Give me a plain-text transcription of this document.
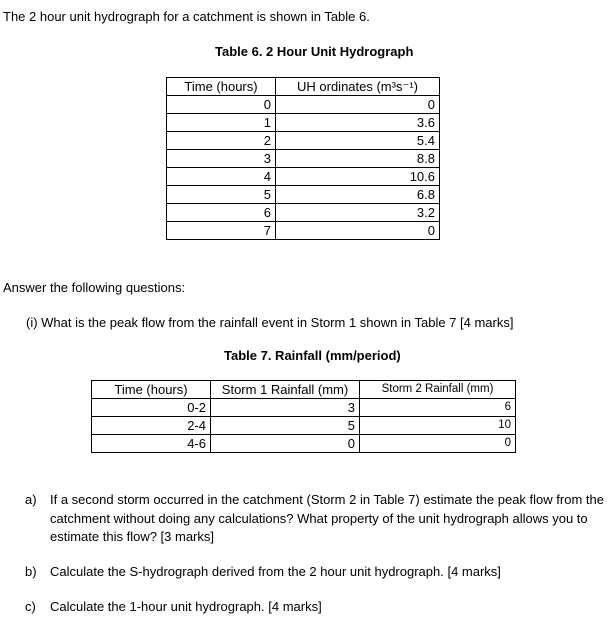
The 2 hour unit hydrograph for a catchment is shown in Table 6.
Table 6. 2 Hour Unit Hydrograph
Time (hours)	UH ordinates (m³s⁻¹)
0	0
1	3.6
2	5.4
3	8.8
4	10.6
5	6.8
6	3.2
7	0
Answer the following questions:
(i) What is the peak flow from the rainfall event in Storm 1 shown in Table 7 [4 marks]
Table 7. Rainfall (mm/period)
Time (hours)	Storm 1 Rainfall (mm)	Storm 2 Rainfall (mm)
0-2	3	6
2-4	5	10
4-6	0	0
a) If a second storm occurred in the catchment (Storm 2 in Table 7) estimate the peak flow from the catchment without doing any calculations? What property of the unit hydrograph allows you to estimate this flow? [3 marks]
b) Calculate the S-hydrograph derived from the 2 hour unit hydrograph. [4 marks]
c) Calculate the 1-hour unit hydrograph. [4 marks]
